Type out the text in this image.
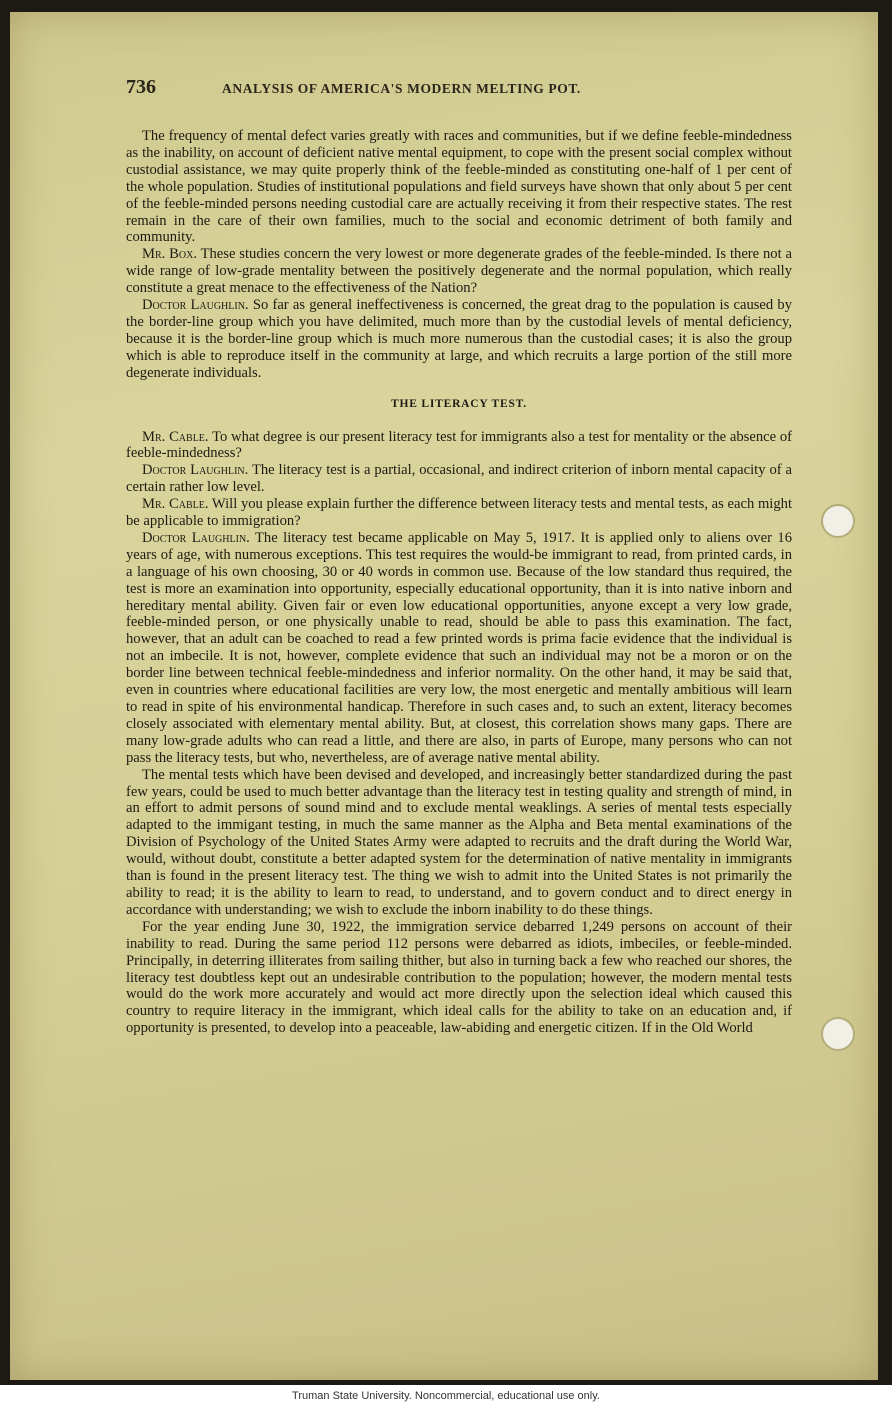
736	ANALYSIS OF AMERICA'S MODERN MELTING POT.

The frequency of mental defect varies greatly with races and communities, but if we define feeble-mindedness as the inability, on account of deficient native mental equipment, to cope with the present social complex without custodial assistance, we may quite properly think of the feeble-minded as constituting one-half of 1 per cent of the whole population. Studies of institutional populations and field surveys have shown that only about 5 per cent of the feeble-minded persons needing custodial care are actually receiving it from their respective states. The rest remain in the care of their own families, much to the social and economic detriment of both family and community.

Mr. Box. These studies concern the very lowest or more degenerate grades of the feeble-minded. Is there not a wide range of low-grade mentality between the positively degenerate and the normal population, which really constitute a great menace to the effectiveness of the Nation?

Doctor Laughlin. So far as general ineffectiveness is concerned, the great drag to the population is caused by the border-line group which you have delimited, much more than by the custodial levels of mental deficiency, because it is the border-line group which is much more numerous than the custodial cases; it is also the group which is able to reproduce itself in the community at large, and which recruits a large portion of the still more degenerate individuals.

THE LITERACY TEST.

Mr. Cable. To what degree is our present literacy test for immigrants also a test for mentality or the absence of feeble-mindedness?

Doctor Laughlin. The literacy test is a partial, occasional, and indirect criterion of inborn mental capacity of a certain rather low level.

Mr. Cable. Will you please explain further the difference between literacy tests and mental tests, as each might be applicable to immigration?

Doctor Laughlin. The literacy test became applicable on May 5, 1917. It is applied only to aliens over 16 years of age, with numerous exceptions. This test requires the would-be immigrant to read, from printed cards, in a language of his own choosing, 30 or 40 words in common use. Because of the low standard thus required, the test is more an examination into opportunity, especially educational opportunity, than it is into native inborn and hereditary mental ability. Given fair or even low educational opportunities, anyone except a very low grade, feeble-minded person, or one physically unable to read, should be able to pass this examination. The fact, however, that an adult can be coached to read a few printed words is prima facie evidence that the individual is not an imbecile. It is not, however, complete evidence that such an individual may not be a moron or on the border line between technical feeble-mindedness and inferior normality. On the other hand, it may be said that, even in countries where educational facilities are very low, the most energetic and mentally ambitious will learn to read in spite of his environmental handicap. Therefore in such cases and, to such an extent, literacy becomes closely associated with elementary mental ability. But, at closest, this correlation shows many gaps. There are many low-grade adults who can read a little, and there are also, in parts of Europe, many persons who can not pass the literacy tests, but who, nevertheless, are of average native mental ability.

The mental tests which have been devised and developed, and increasingly better standardized during the past few years, could be used to much better advantage than the literacy test in testing quality and strength of mind, in an effort to admit persons of sound mind and to exclude mental weaklings. A series of mental tests especially adapted to the immigant testing, in much the same manner as the Alpha and Beta mental examinations of the Division of Psychology of the United States Army were adapted to recruits and the draft during the World War, would, without doubt, constitute a better adapted system for the determination of native mentality in immigrants than is found in the present literacy test. The thing we wish to admit into the United States is not primarily the ability to read; it is the ability to learn to read, to understand, and to govern conduct and to direct energy in accordance with understanding; we wish to exclude the inborn inability to do these things.

For the year ending June 30, 1922, the immigration service debarred 1,249 persons on account of their inability to read. During the same period 112 persons were debarred as idiots, imbeciles, or feeble-minded. Principally, in deterring illiterates from sailing thither, but also in turning back a few who reached our shores, the literacy test doubtless kept out an undesirable contribution to the population; however, the modern mental tests would do the work more accurately and would act more directly upon the selection ideal which caused this country to require literacy in the immigrant, which ideal calls for the ability to take on an education and, if opportunity is presented, to develop into a peaceable, law-abiding and energetic citizen. If in the Old World

Truman State University. Noncommercial, educational use only.
